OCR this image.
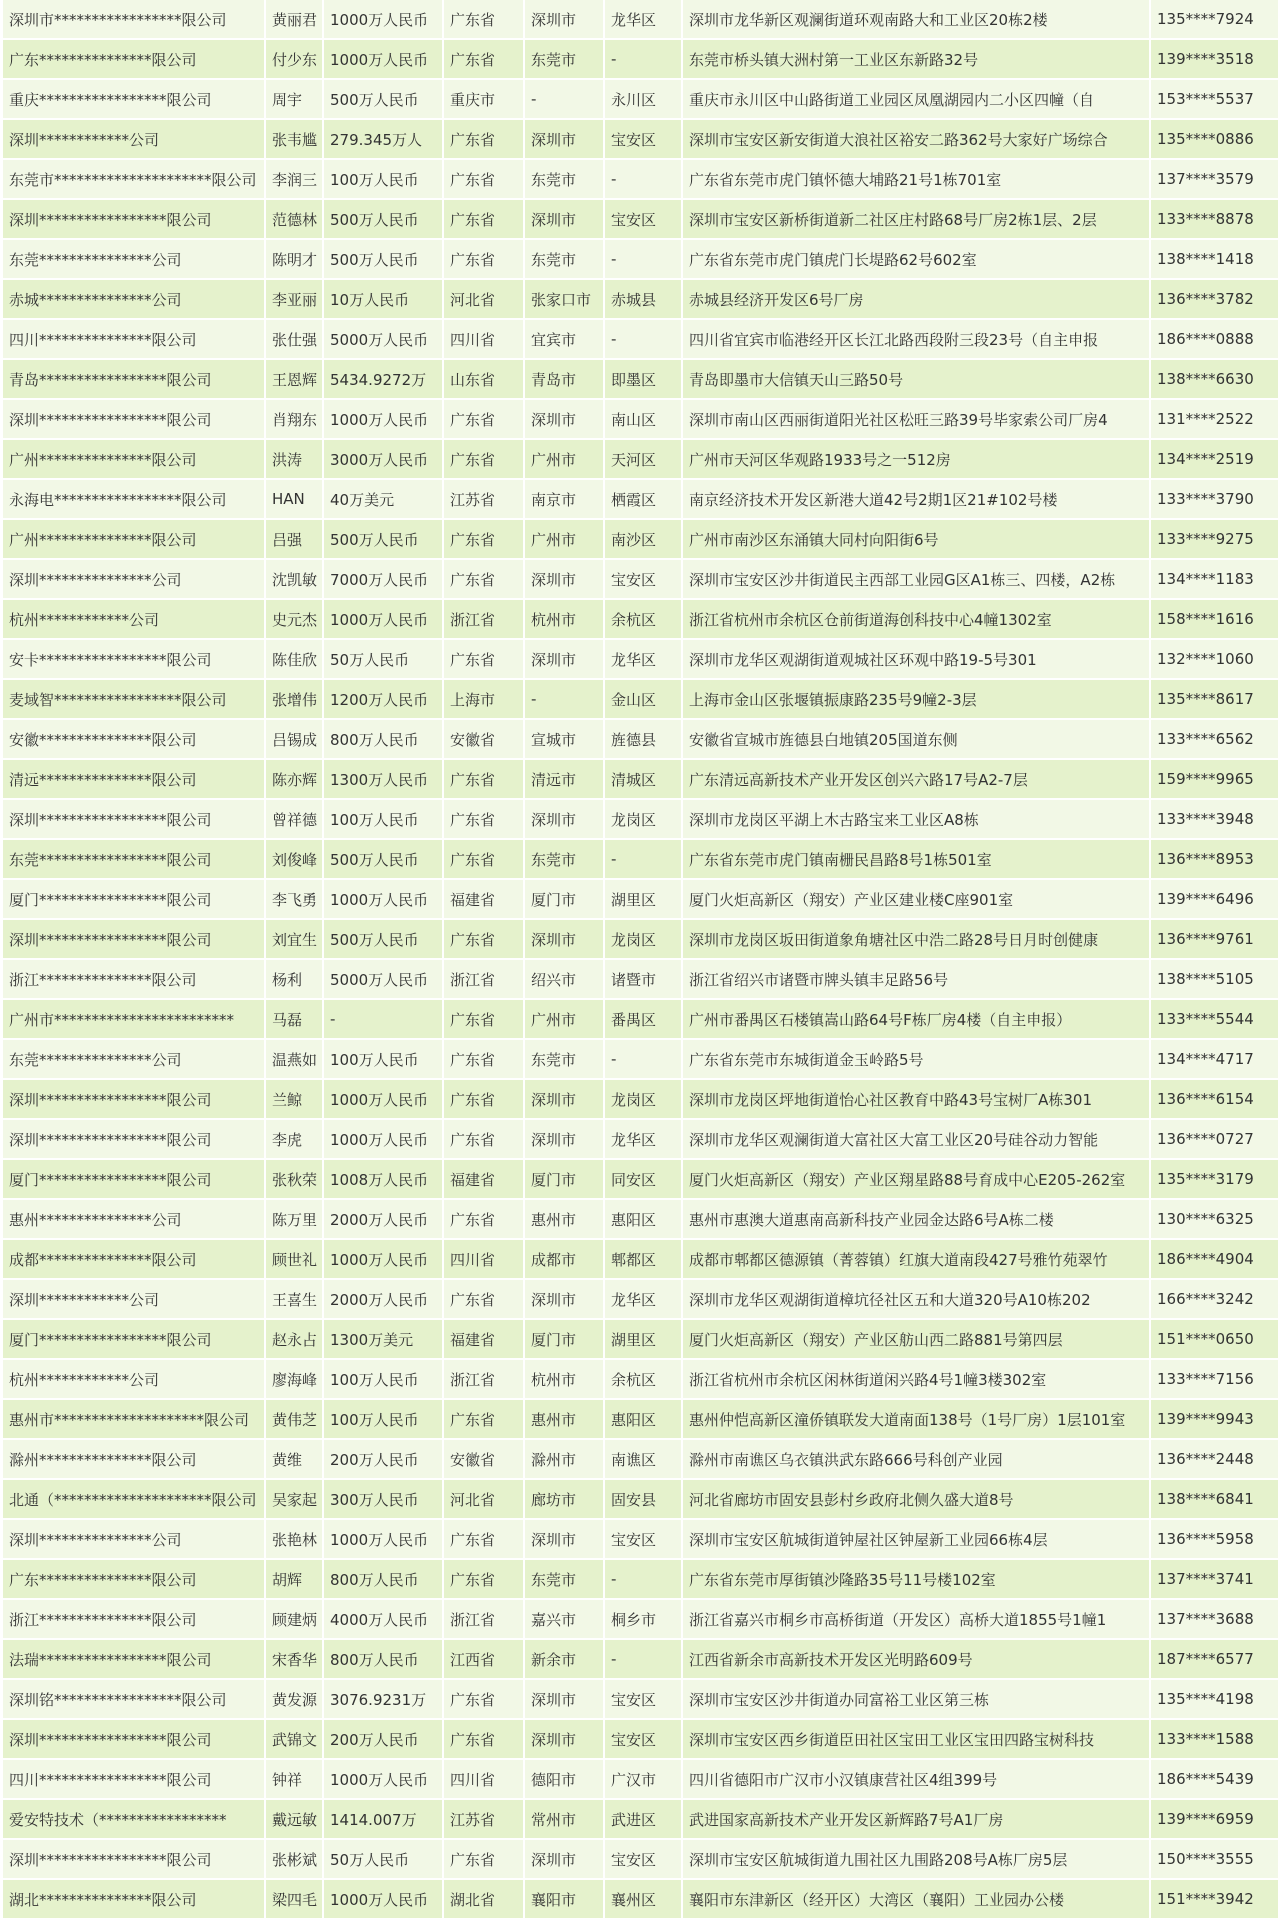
深圳市*****************限公司	黄丽君	1000万人民币	广东省	深圳市	龙华区	深圳市龙华新区观澜街道环观南路大和工业区20栋2楼	135****7924
广东***************限公司	付少东	1000万人民币	广东省	东莞市	-	东莞市桥头镇大洲村第一工业区东新路32号	139****3518
重庆*****************限公司	周宇	500万人民币	重庆市	-	永川区	重庆市永川区中山路街道工业园区凤凰湖园内二小区四幢（自	153****5537
深圳************公司	张韦尴	279.345万人	广东省	深圳市	宝安区	深圳市宝安区新安街道大浪社区裕安二路362号大家好广场综合	135****0886
东莞市*********************限公司	李润三	100万人民币	广东省	东莞市	-	广东省东莞市虎门镇怀德大埔路21号1栋701室	137****3579
深圳*****************限公司	范德林	500万人民币	广东省	深圳市	宝安区	深圳市宝安区新桥街道新二社区庄村路68号厂房2栋1层、2层	133****8878
东莞***************公司	陈明才	500万人民币	广东省	东莞市	-	广东省东莞市虎门镇虎门长堤路62号602室	138****1418
赤城***************公司	李亚丽	10万人民币	河北省	张家口市	赤城县	赤城县经济开发区6号厂房	136****3782
四川***************限公司	张仕强	5000万人民币	四川省	宜宾市	-	四川省宜宾市临港经开区长江北路西段附三段23号（自主申报	186****0888
青岛*****************限公司	王恩辉	5434.9272万	山东省	青岛市	即墨区	青岛即墨市大信镇天山三路50号	138****6630
深圳*****************限公司	肖翔东	1000万人民币	广东省	深圳市	南山区	深圳市南山区西丽街道阳光社区松旺三路39号毕家索公司厂房4	131****2522
广州***************限公司	洪涛	3000万人民币	广东省	广州市	天河区	广州市天河区华观路1933号之一512房	134****2519
永海电*****************限公司	HAN	40万美元	江苏省	南京市	栖霞区	南京经济技术开发区新港大道42号2期1区21#102号楼	133****3790
广州***************限公司	吕强	500万人民币	广东省	广州市	南沙区	广州市南沙区东涌镇大同村向阳街6号	133****9275
深圳***************公司	沈凯敏	7000万人民币	广东省	深圳市	宝安区	深圳市宝安区沙井街道民主西部工业园G区A1栋三、四楼，A2栋	134****1183
杭州************公司	史元杰	1000万人民币	浙江省	杭州市	余杭区	浙江省杭州市余杭区仓前街道海创科技中心4幢1302室	158****1616
安卡*****************限公司	陈佳欣	50万人民币	广东省	深圳市	龙华区	深圳市龙华区观湖街道观城社区环观中路19-5号301	132****1060
麦域智*****************限公司	张增伟	1200万人民币	上海市	-	金山区	上海市金山区张堰镇振康路235号9幢2-3层	135****8617
安徽***************限公司	吕锡成	800万人民币	安徽省	宣城市	旌德县	安徽省宣城市旌德县白地镇205国道东侧	133****6562
清远***************限公司	陈亦辉	1300万人民币	广东省	清远市	清城区	广东清远高新技术产业开发区创兴六路17号A2-7层	159****9965
深圳*****************限公司	曾祥德	100万人民币	广东省	深圳市	龙岗区	深圳市龙岗区平湖上木古路宝来工业区A8栋	133****3948
东莞*****************限公司	刘俊峰	500万人民币	广东省	东莞市	-	广东省东莞市虎门镇南栅民昌路8号1栋501室	136****8953
厦门*****************限公司	李飞勇	1000万人民币	福建省	厦门市	湖里区	厦门火炬高新区（翔安）产业区建业楼C座901室	139****6496
深圳*****************限公司	刘宜生	500万人民币	广东省	深圳市	龙岗区	深圳市龙岗区坂田街道象角塘社区中浩二路28号日月时创健康	136****9761
浙江***************限公司	杨利	5000万人民币	浙江省	绍兴市	诸暨市	浙江省绍兴市诸暨市牌头镇丰足路56号	138****5105
广州市************************	马磊	-	广东省	广州市	番禺区	广州市番禺区石楼镇嵩山路64号F栋厂房4楼（自主申报）	133****5544
东莞***************公司	温燕如	100万人民币	广东省	东莞市	-	广东省东莞市东城街道金玉岭路5号	134****4717
深圳*****************限公司	兰鲸	1000万人民币	广东省	深圳市	龙岗区	深圳市龙岗区坪地街道怡心社区教育中路43号宝树厂A栋301	136****6154
深圳*****************限公司	李虎	1000万人民币	广东省	深圳市	龙华区	深圳市龙华区观澜街道大富社区大富工业区20号硅谷动力智能	136****0727
厦门*****************限公司	张秋荣	1008万人民币	福建省	厦门市	同安区	厦门火炬高新区（翔安）产业区翔星路88号育成中心E205-262室	135****3179
惠州***************公司	陈万里	2000万人民币	广东省	惠州市	惠阳区	惠州市惠澳大道惠南高新科技产业园金达路6号A栋二楼	130****6325
成都***************限公司	顾世礼	1000万人民币	四川省	成都市	郫都区	成都市郫都区德源镇（菁蓉镇）红旗大道南段427号雅竹苑翠竹	186****4904
深圳************公司	王喜生	2000万人民币	广东省	深圳市	龙华区	深圳市龙华区观湖街道樟坑径社区五和大道320号A10栋202	166****3242
厦门*****************限公司	赵永占	1300万美元	福建省	厦门市	湖里区	厦门火炬高新区（翔安）产业区舫山西二路881号第四层	151****0650
杭州************公司	廖海峰	100万人民币	浙江省	杭州市	余杭区	浙江省杭州市余杭区闲林街道闲兴路4号1幢3楼302室	133****7156
惠州市********************限公司	黄伟芝	100万人民币	广东省	惠州市	惠阳区	惠州仲恺高新区潼侨镇联发大道南面138号（1号厂房）1层101室	139****9943
滁州***************限公司	黄维	200万人民币	安徽省	滁州市	南谯区	滁州市南谯区乌衣镇洪武东路666号科创产业园	136****2448
北通（*********************限公司	吴家起	300万人民币	河北省	廊坊市	固安县	河北省廊坊市固安县彭村乡政府北侧久盛大道8号	138****6841
深圳***************公司	张艳林	1000万人民币	广东省	深圳市	宝安区	深圳市宝安区航城街道钟屋社区钟屋新工业园66栋4层	136****5958
广东***************限公司	胡辉	800万人民币	广东省	东莞市	-	广东省东莞市厚街镇沙隆路35号11号楼102室	137****3741
浙江***************限公司	顾建炳	4000万人民币	浙江省	嘉兴市	桐乡市	浙江省嘉兴市桐乡市高桥街道（开发区）高桥大道1855号1幢1	137****3688
法瑞*****************限公司	宋香华	800万人民币	江西省	新余市	-	江西省新余市高新技术开发区光明路609号	187****6577
深圳铭*****************限公司	黄发源	3076.9231万	广东省	深圳市	宝安区	深圳市宝安区沙井街道办同富裕工业区第三栋	135****4198
深圳*****************限公司	武锦文	200万人民币	广东省	深圳市	宝安区	深圳市宝安区西乡街道臣田社区宝田工业区宝田四路宝树科技	133****1588
四川*****************限公司	钟祥	1000万人民币	四川省	德阳市	广汉市	四川省德阳市广汉市小汉镇康营社区4组399号	186****5439
爱安特技术（*****************	戴远敏	1414.007万	江苏省	常州市	武进区	武进国家高新技术产业开发区新辉路7号A1厂房	139****6959
深圳*****************限公司	张彬斌	50万人民币	广东省	深圳市	宝安区	深圳市宝安区航城街道九围社区九围路208号A栋厂房5层	150****3555
湖北***************限公司	梁四毛	1000万人民币	湖北省	襄阳市	襄州区	襄阳市东津新区（经开区）大湾区（襄阳）工业园办公楼	151****3942
